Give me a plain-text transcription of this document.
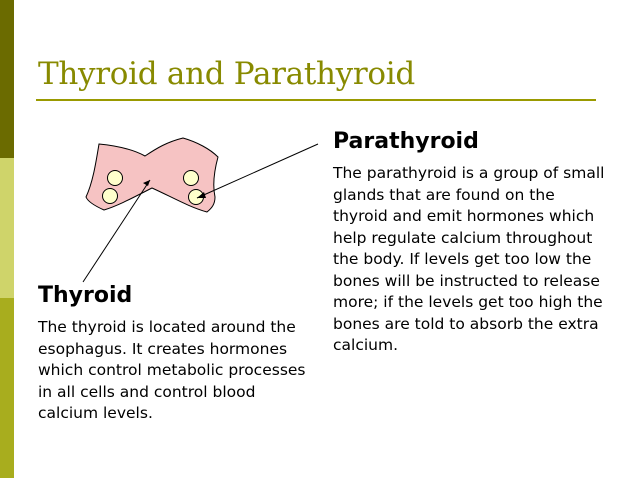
Thyroid and Parathyroid
Parathyroid

The parathyroid is a group of small glands that are found on the thyroid and emit hormones which help regulate calcium throughout the body. If levels get too low the bones will be instructed to release more; if the levels get too high the bones are told to absorb the extra calcium.

Thyroid

The thyroid is located around the esophagus. It creates hormones which control metabolic processes in all cells and control blood calcium levels.
